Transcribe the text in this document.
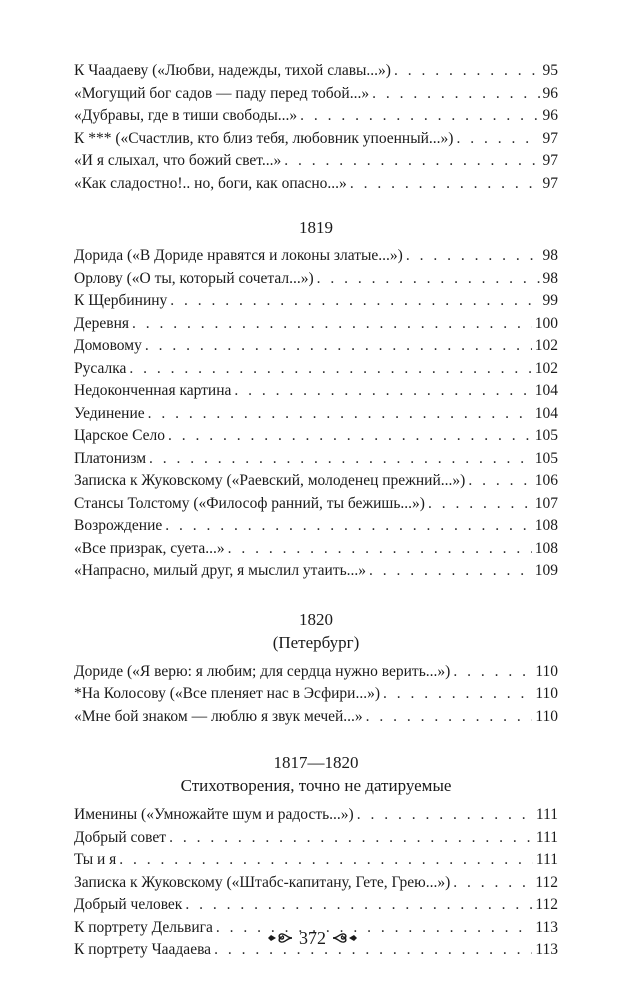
К Чаадаеву («Любви, надежды, тихой славы...») . . .	95
«Могущий бог садов — паду перед тобой...» . . .	96
«Дубравы, где в тиши свободы...» . . .	96
К *** («Счастлив, кто близ тебя, любовник упоенный...») . . .	97
«И я слыхал, что божий свет...» . . .	97
«Как сладостно!.. но, боги, как опасно...» . . .	97
1819
Дорида («В Дориде нравятся и локоны златые...») . . .	98
Орлову («О ты, который сочетал...») . . .	98
К Щербинину . . .	99
Деревня . . .	100
Домовому . . .	102
Русалка . . .	102
Недоконченная картина . . .	104
Уединение . . .	104
Царское Село . . .	105
Платонизм . . .	105
Записка к Жуковскому («Раевский, молоденец прежний...») . . .	106
Стансы Толстому («Философ ранний, ты бежишь...») . . .	107
Возрождение . . .	108
«Все призрак, суета...» . . .	108
«Напрасно, милый друг, я мыслил утаить...» . . .	109
1820
(Петербург)
Дориде («Я верю: я любим; для сердца нужно верить...») . . .	110
*На Колосову («Все пленяет нас в Эсфири...») . . .	110
«Мне бой знаком — люблю я звук мечей...» . . .	110
1817—1820
Стихотворения, точно не датируемые
Именины («Умножайте шум и радость...») . . .	111
Добрый совет . . .	111
Ты и я . . .	111
Записка к Жуковскому («Штабс-капитану, Гете, Грею...») . . .	112
Добрый человек . . .	112
К портрету Дельвига . . .	113
К портрету Чаадаева . . .	113
372
